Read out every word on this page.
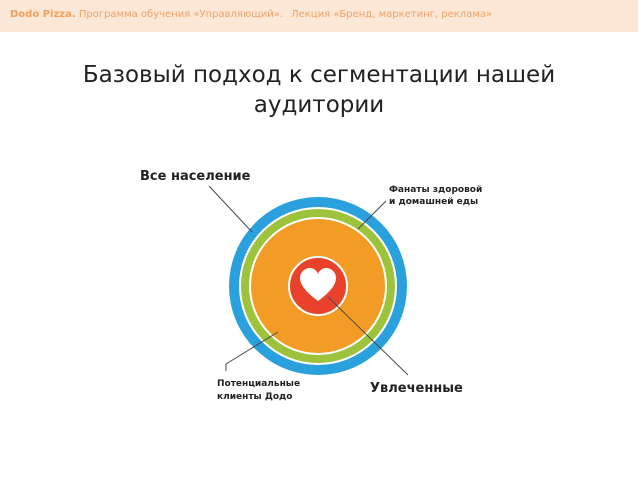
Dodo Pizza. Программа обучения «Управляющий». Лекция «Бренд, маркетинг, реклама»
Базовый подход к сегментации нашей
аудитории
Все население
Фанаты здоровой
и домашней еды
Потенциальные
клиенты Додо
Увлеченные
